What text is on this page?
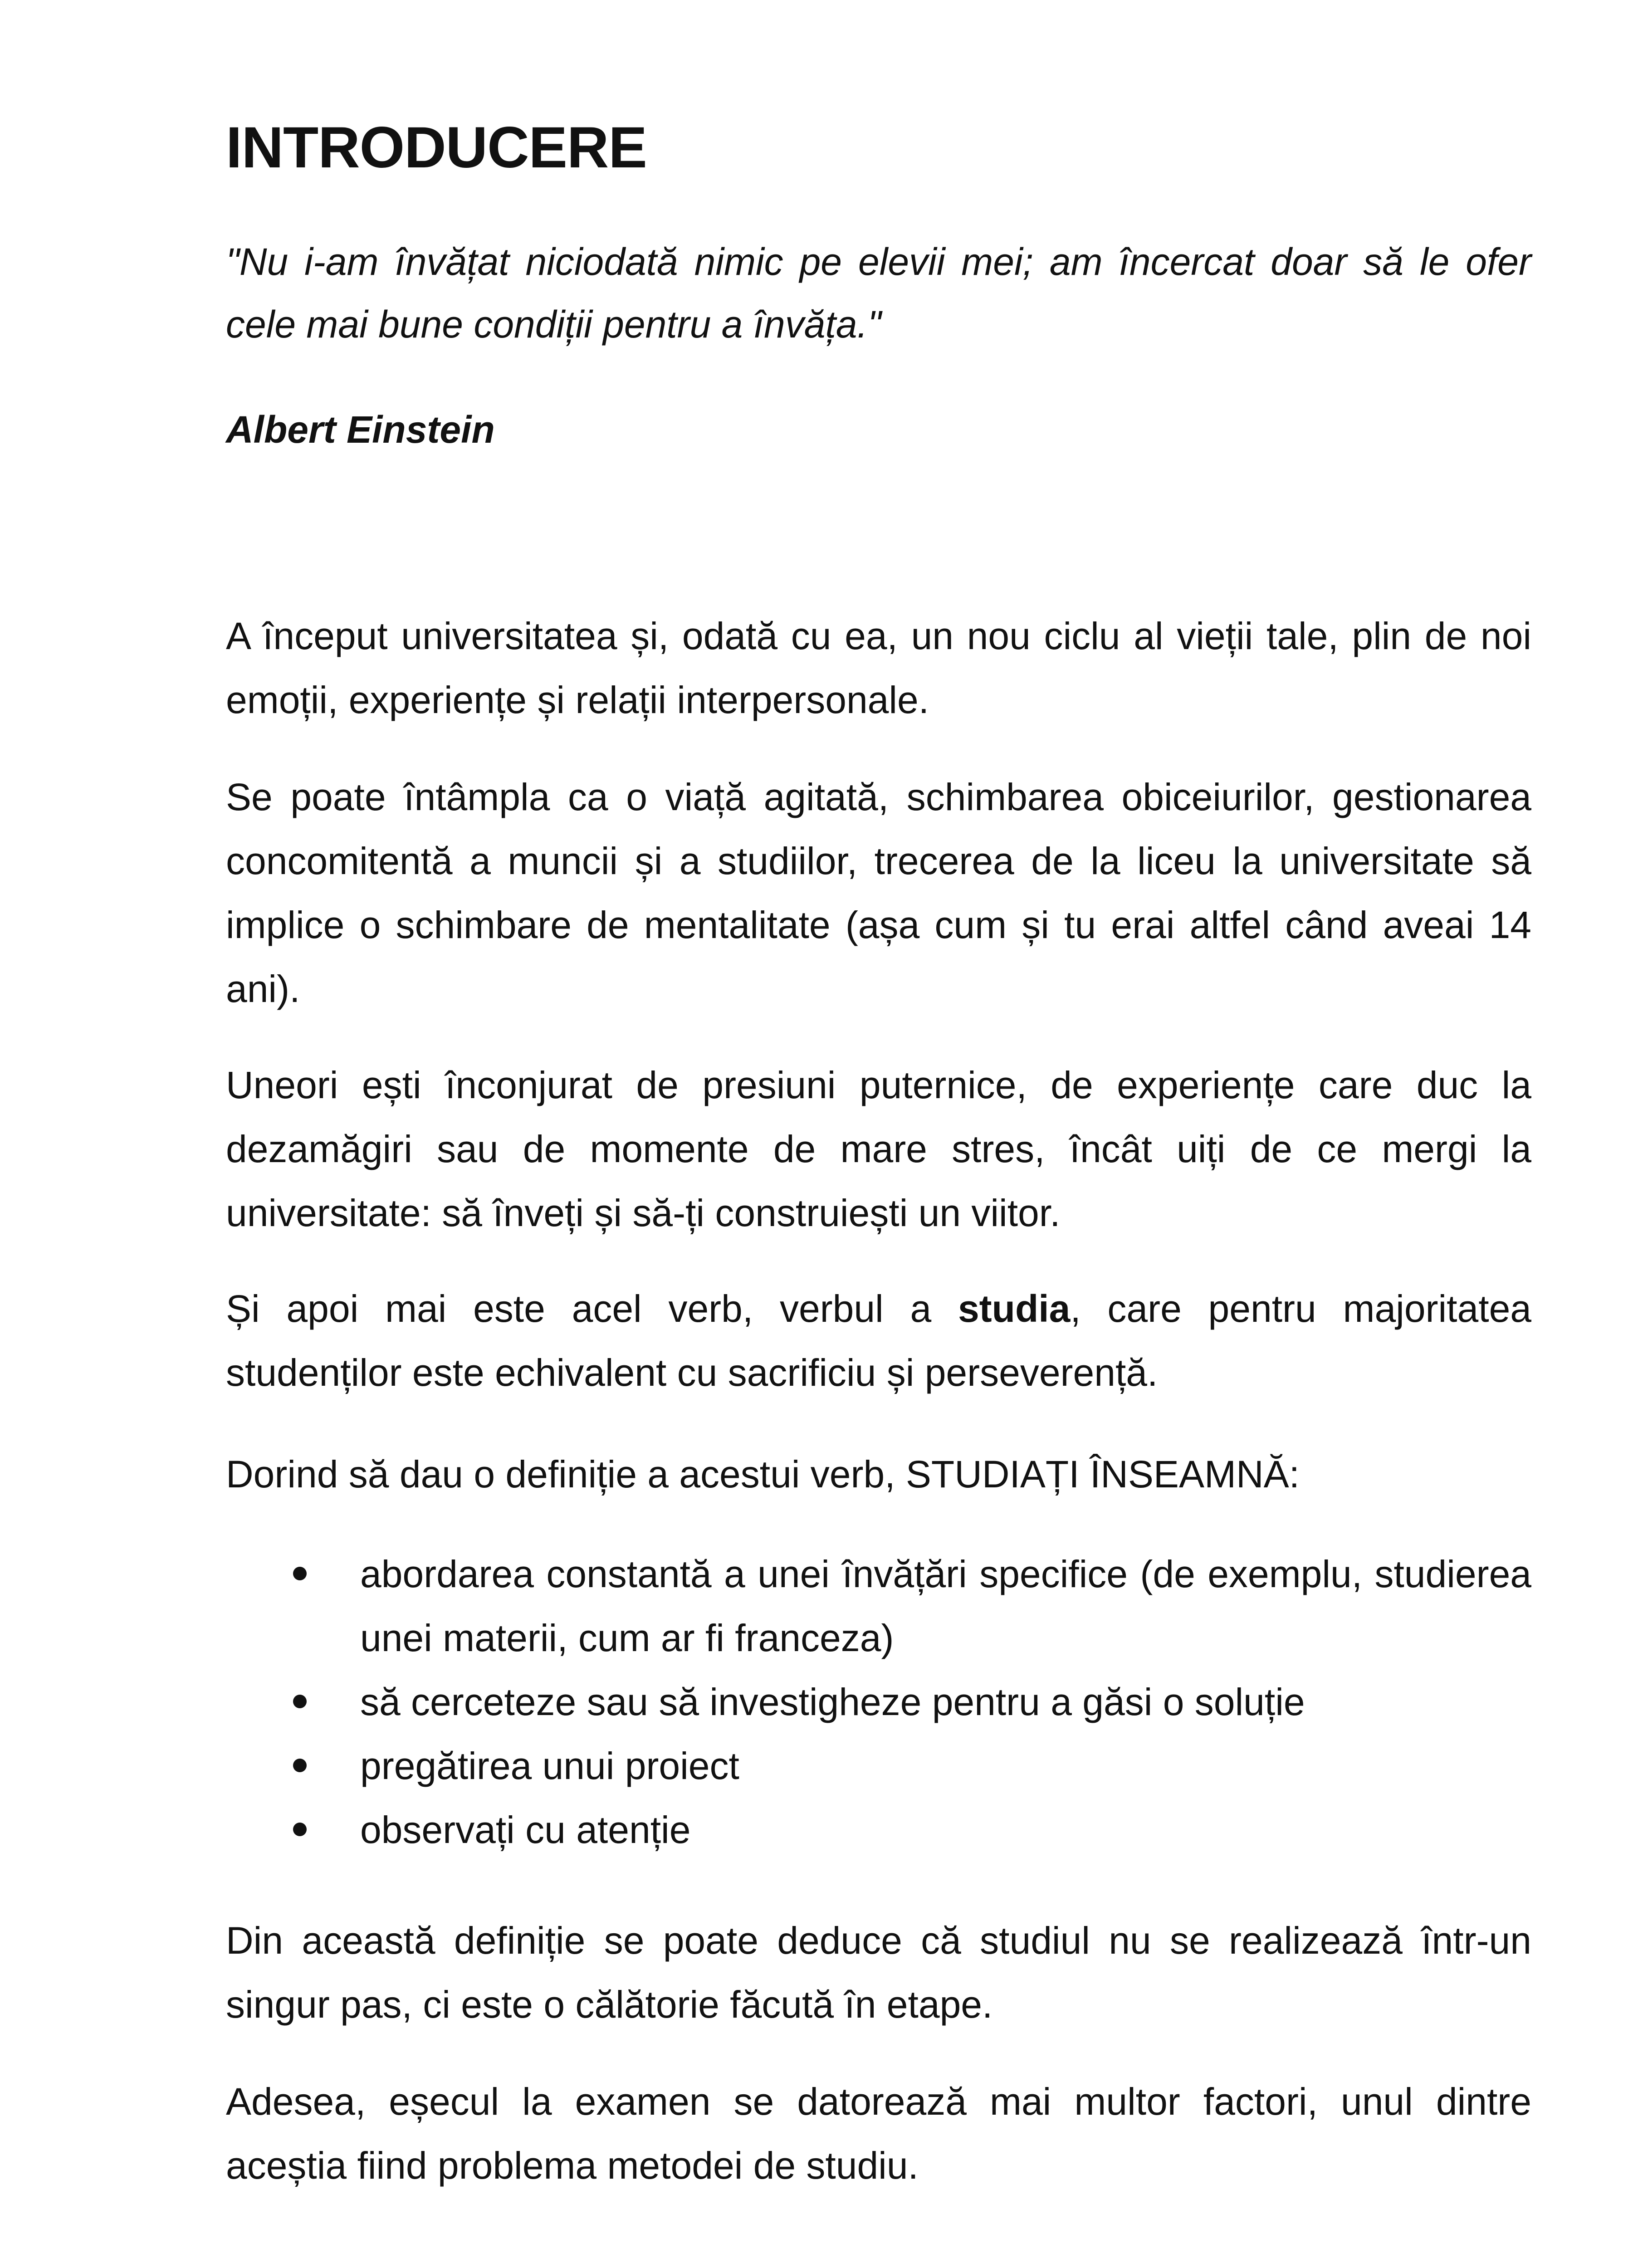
INTRODUCERE

"Nu i-am învățat niciodată nimic pe elevii mei; am încercat doar să le ofer cele mai bune condiții pentru a învăța."

Albert Einstein

A început universitatea și, odată cu ea, un nou ciclu al vieții tale, plin de noi emoții, experiențe și relații interpersonale.

Se poate întâmpla ca o viață agitată, schimbarea obiceiurilor, gestionarea concomitentă a muncii și a studiilor, trecerea de la liceu la universitate să implice o schimbare de mentalitate (așa cum și tu erai altfel când aveai 14 ani).

Uneori ești înconjurat de presiuni puternice, de experiențe care duc la dezamăgiri sau de momente de mare stres, încât uiți de ce mergi la universitate: să înveți și să-ți construiești un viitor.

Și apoi mai este acel verb, verbul a studia, care pentru majoritatea studenților este echivalent cu sacrificiu și perseverență.

Dorind să dau o definiție a acestui verb, STUDIAȚI ÎNSEAMNĂ:

abordarea constantă a unei învățări specifice (de exemplu, studierea unei materii, cum ar fi franceza)
să cerceteze sau să investigheze pentru a găsi o soluție
pregătirea unui proiect
observați cu atenție

Din această definiție se poate deduce că studiul nu se realizează într-un singur pas, ci este o călătorie făcută în etape.

Adesea, eșecul la examen se datorează mai multor factori, unul dintre aceștia fiind problema metodei de studiu.
